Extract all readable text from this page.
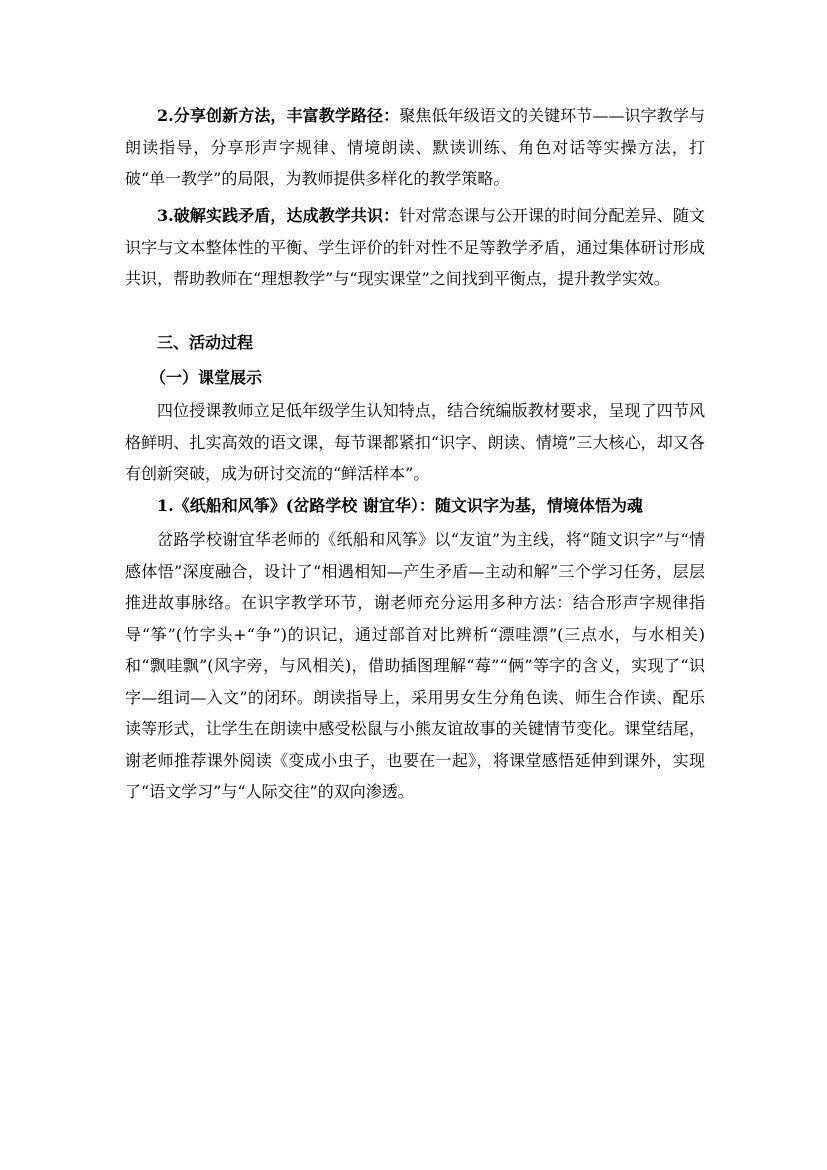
2.分享创新方法，丰富教学路径：聚焦低年级语文的关键环节——识字教学与朗读指导，分享形声字规律、情境朗读、默读训练、角色对话等实操方法，打破“单一教学”的局限，为教师提供多样化的教学策略。

3.破解实践矛盾，达成教学共识：针对常态课与公开课的时间分配差异、随文识字与文本整体性的平衡、学生评价的针对性不足等教学矛盾，通过集体研讨形成共识，帮助教师在“理想教学”与“现实课堂”之间找到平衡点，提升教学实效。

三、活动过程

（一）课堂展示

四位授课教师立足低年级学生认知特点，结合统编版教材要求，呈现了四节风格鲜明、扎实高效的语文课，每节课都紧扣“识字、朗读、情境”三大核心，却又各有创新突破，成为研讨交流的“鲜活样本”。

1.《纸船和风筝》(岔路学校 谢宜华）：随文识字为基，情境体悟为魂

岔路学校谢宜华老师的《纸船和风筝》以“友谊”为主线，将“随文识字”与“情感体悟”深度融合，设计了“相遇相知—产生矛盾—主动和解”三个学习任务，层层推进故事脉络。在识字教学环节，谢老师充分运用多种方法：结合形声字规律指导“筝”(竹字头+“争”)的识记，通过部首对比辨析“漂哇漂”(三点水，与水相关)和“飘哇飘”(风字旁，与风相关)，借助插图理解“莓”“俩”等字的含义，实现了“识字—组词—入文”的闭环。朗读指导上，采用男女生分角色读、师生合作读、配乐读等形式，让学生在朗读中感受松鼠与小熊友谊故事的关键情节变化。课堂结尾，谢老师推荐课外阅读《变成小虫子，也要在一起》，将课堂感悟延伸到课外，实现了“语文学习”与“人际交往”的双向渗透。
